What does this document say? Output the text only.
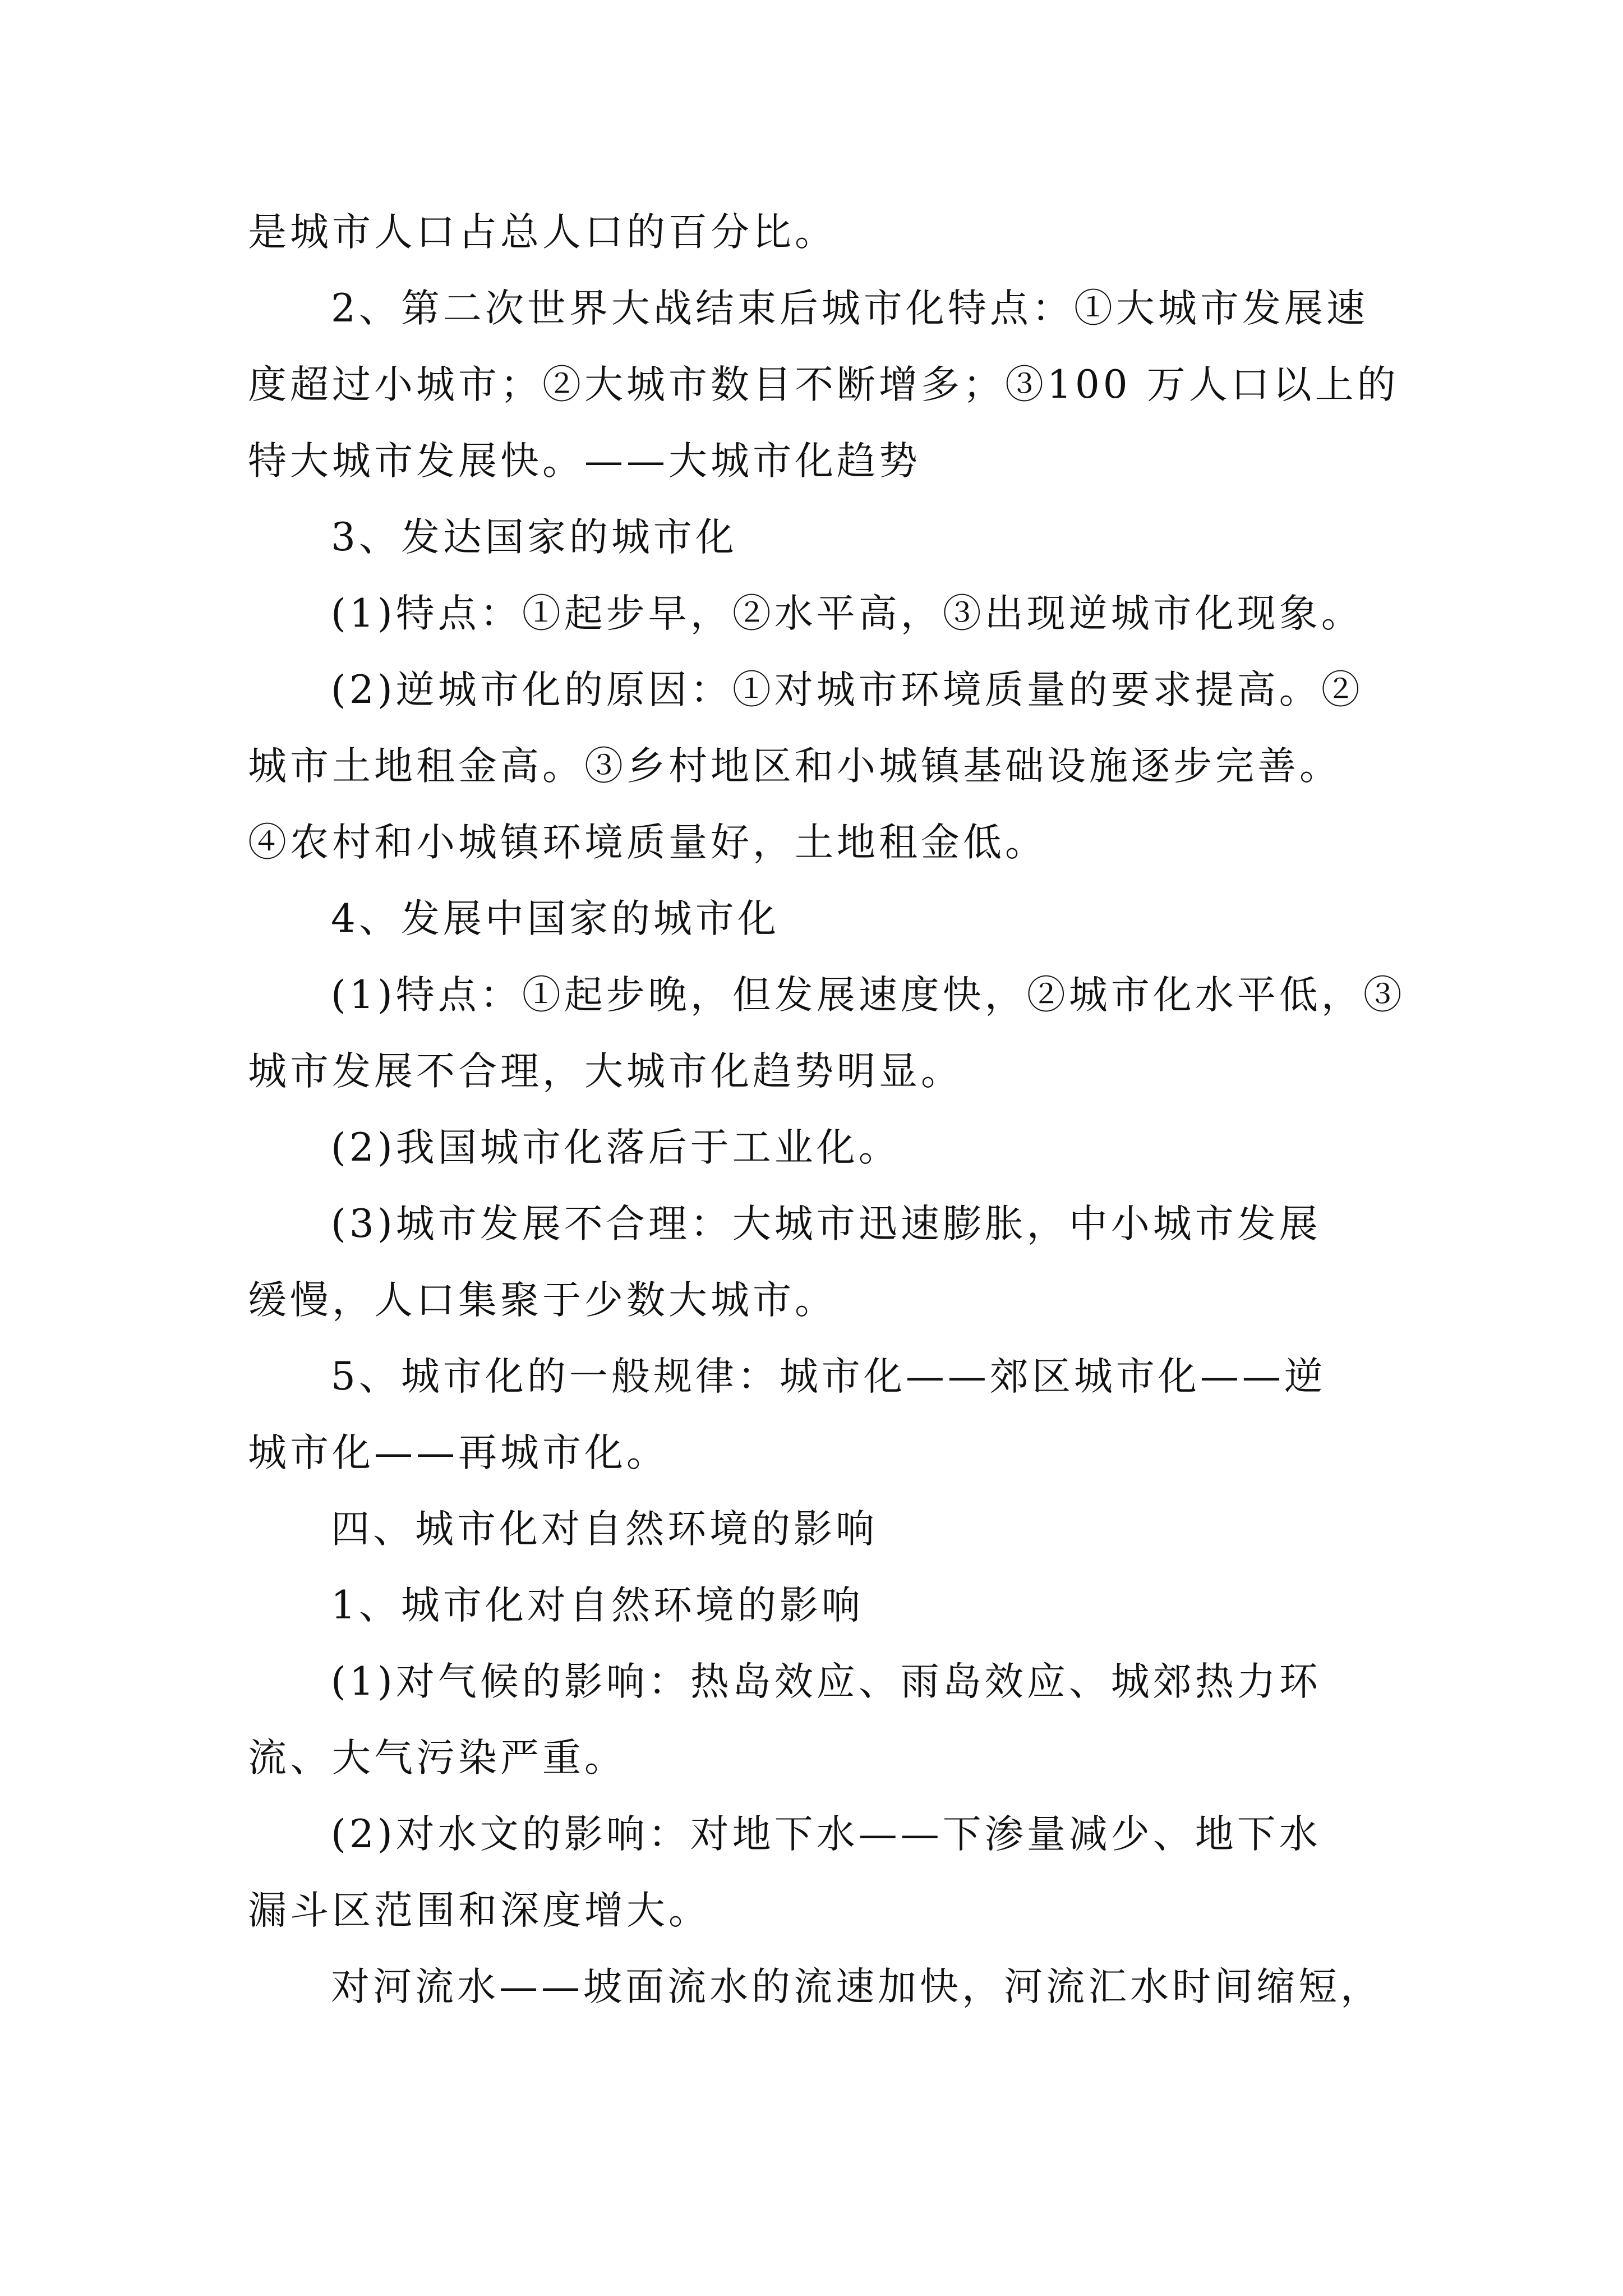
是城市人口占总人口的百分比。
2、第二次世界大战结束后城市化特点：①大城市发展速
度超过小城市；②大城市数目不断增多；③100 万人口以上的
特大城市发展快。——大城市化趋势
3、发达国家的城市化
(1)特点：①起步早，②水平高，③出现逆城市化现象。
(2)逆城市化的原因：①对城市环境质量的要求提高。②
城市土地租金高。③乡村地区和小城镇基础设施逐步完善。
④农村和小城镇环境质量好，土地租金低。
4、发展中国家的城市化
(1)特点：①起步晚，但发展速度快，②城市化水平低，③
城市发展不合理，大城市化趋势明显。
(2)我国城市化落后于工业化。
(3)城市发展不合理：大城市迅速膨胀，中小城市发展
缓慢，人口集聚于少数大城市。
5、城市化的一般规律：城市化——郊区城市化——逆
城市化——再城市化。
四、城市化对自然环境的影响
1、城市化对自然环境的影响
(1)对气候的影响：热岛效应、雨岛效应、城郊热力环
流、大气污染严重。
(2)对水文的影响：对地下水——下渗量减少、地下水
漏斗区范围和深度增大。
对河流水——坡面流水的流速加快，河流汇水时间缩短，
